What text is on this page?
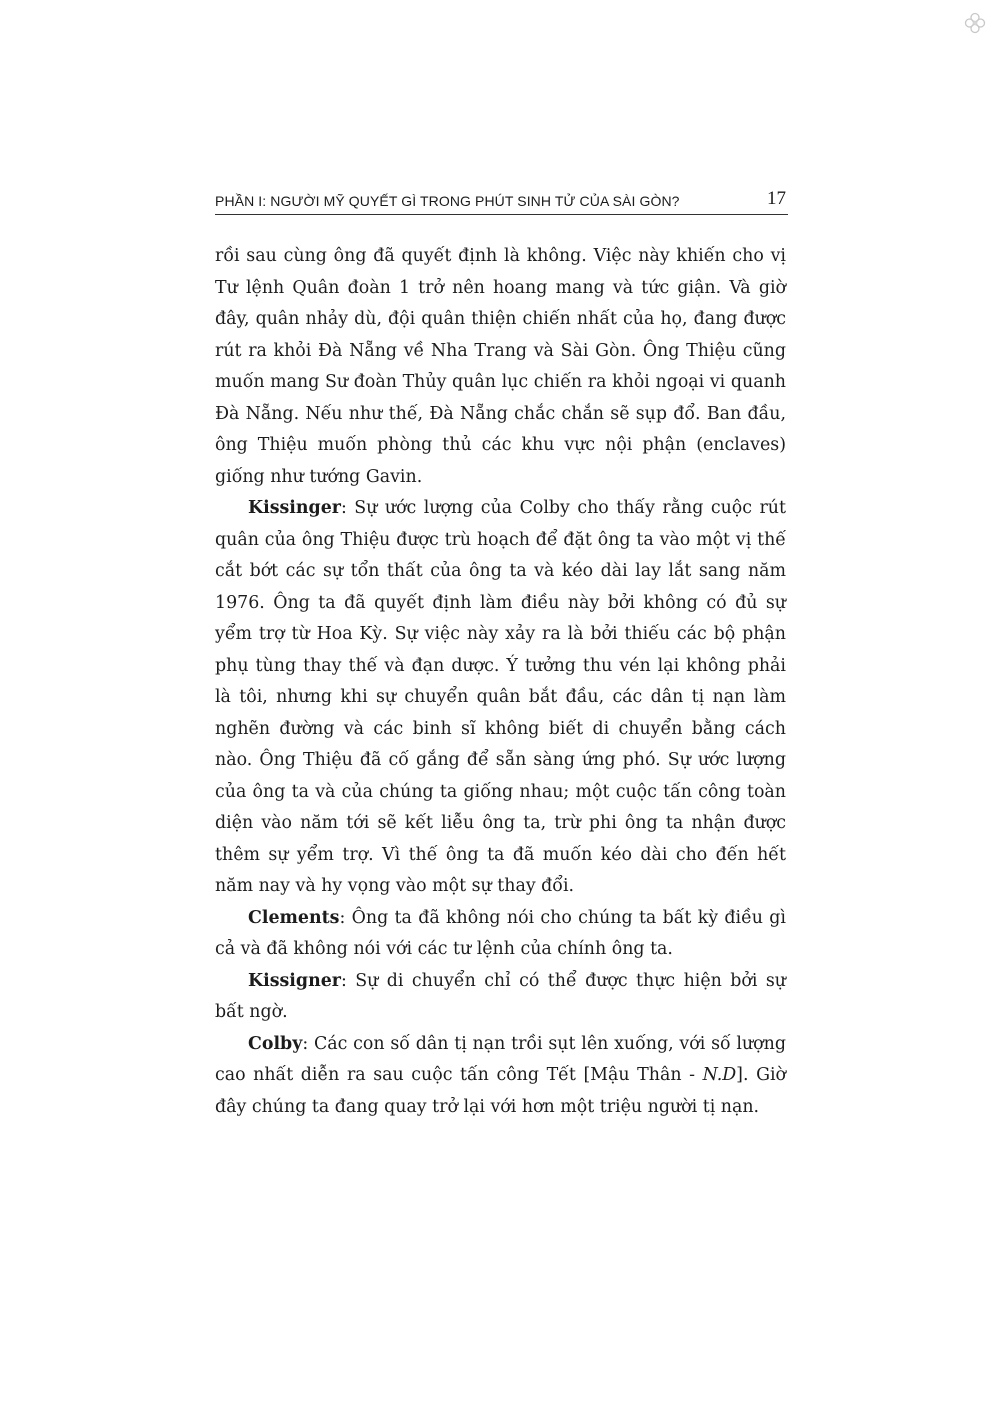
PHẦN I: NGƯỜI MỸ QUYẾT GÌ TRONG PHÚT SINH TỬ CỦA SÀI GÒN?	17

rồi sau cùng ông đã quyết định là không. Việc này khiến cho vị Tư lệnh Quân đoàn 1 trở nên hoang mang và tức giận. Và giờ đây, quân nhảy dù, đội quân thiện chiến nhất của họ, đang được rút ra khỏi Đà Nẵng về Nha Trang và Sài Gòn. Ông Thiệu cũng muốn mang Sư đoàn Thủy quân lục chiến ra khỏi ngoại vi quanh Đà Nẵng. Nếu như thế, Đà Nẵng chắc chắn sẽ sụp đổ. Ban đầu, ông Thiệu muốn phòng thủ các khu vực nội phận (enclaves) giống như tướng Gavin.

Kissinger: Sự ước lượng của Colby cho thấy rằng cuộc rút quân của ông Thiệu được trù hoạch để đặt ông ta vào một vị thế cắt bớt các sự tổn thất của ông ta và kéo dài lay lắt sang năm 1976. Ông ta đã quyết định làm điều này bởi không có đủ sự yểm trợ từ Hoa Kỳ. Sự việc này xảy ra là bởi thiếu các bộ phận phụ tùng thay thế và đạn dược. Ý tưởng thu vén lại không phải là tôi, nhưng khi sự chuyển quân bắt đầu, các dân tị nạn làm nghẽn đường và các binh sĩ không biết di chuyển bằng cách nào. Ông Thiệu đã cố gắng để sẵn sàng ứng phó. Sự ước lượng của ông ta và của chúng ta giống nhau; một cuộc tấn công toàn diện vào năm tới sẽ kết liễu ông ta, trừ phi ông ta nhận được thêm sự yểm trợ. Vì thế ông ta đã muốn kéo dài cho đến hết năm nay và hy vọng vào một sự thay đổi.

Clements: Ông ta đã không nói cho chúng ta bất kỳ điều gì cả và đã không nói với các tư lệnh của chính ông ta.

Kissigner: Sự di chuyển chỉ có thể được thực hiện bởi sự bất ngờ.

Colby: Các con số dân tị nạn trồi sụt lên xuống, với số lượng cao nhất diễn ra sau cuộc tấn công Tết [Mậu Thân - N.D]. Giờ đây chúng ta đang quay trở lại với hơn một triệu người tị nạn.
